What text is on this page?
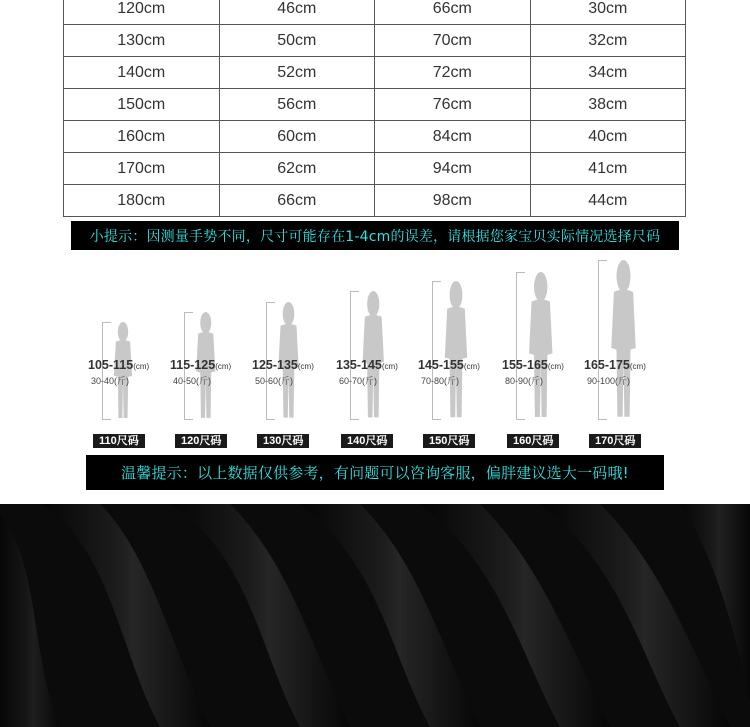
120cm	46cm	66cm	30cm
130cm	50cm	70cm	32cm
140cm	52cm	72cm	34cm
150cm	56cm	76cm	38cm
160cm	60cm	84cm	40cm
170cm	62cm	94cm	41cm
180cm	66cm	98cm	44cm
小提示：因测量手势不同，尺寸可能存在1-4cm的误差，请根据您家宝贝实际情况选择尺码
105-115(cm)
30-40(斤)
110尺码
115-125(cm)
40-50(斤)
120尺码
125-135(cm)
50-60(斤)
130尺码
135-145(cm)
60-70(斤)
140尺码
145-155(cm)
70-80(斤)
150尺码
155-165(cm)
80-90(斤)
160尺码
165-175(cm)
90-100(斤)
170尺码
温馨提示：以上数据仅供参考，有问题可以咨询客服，偏胖建议选大一码哦!
